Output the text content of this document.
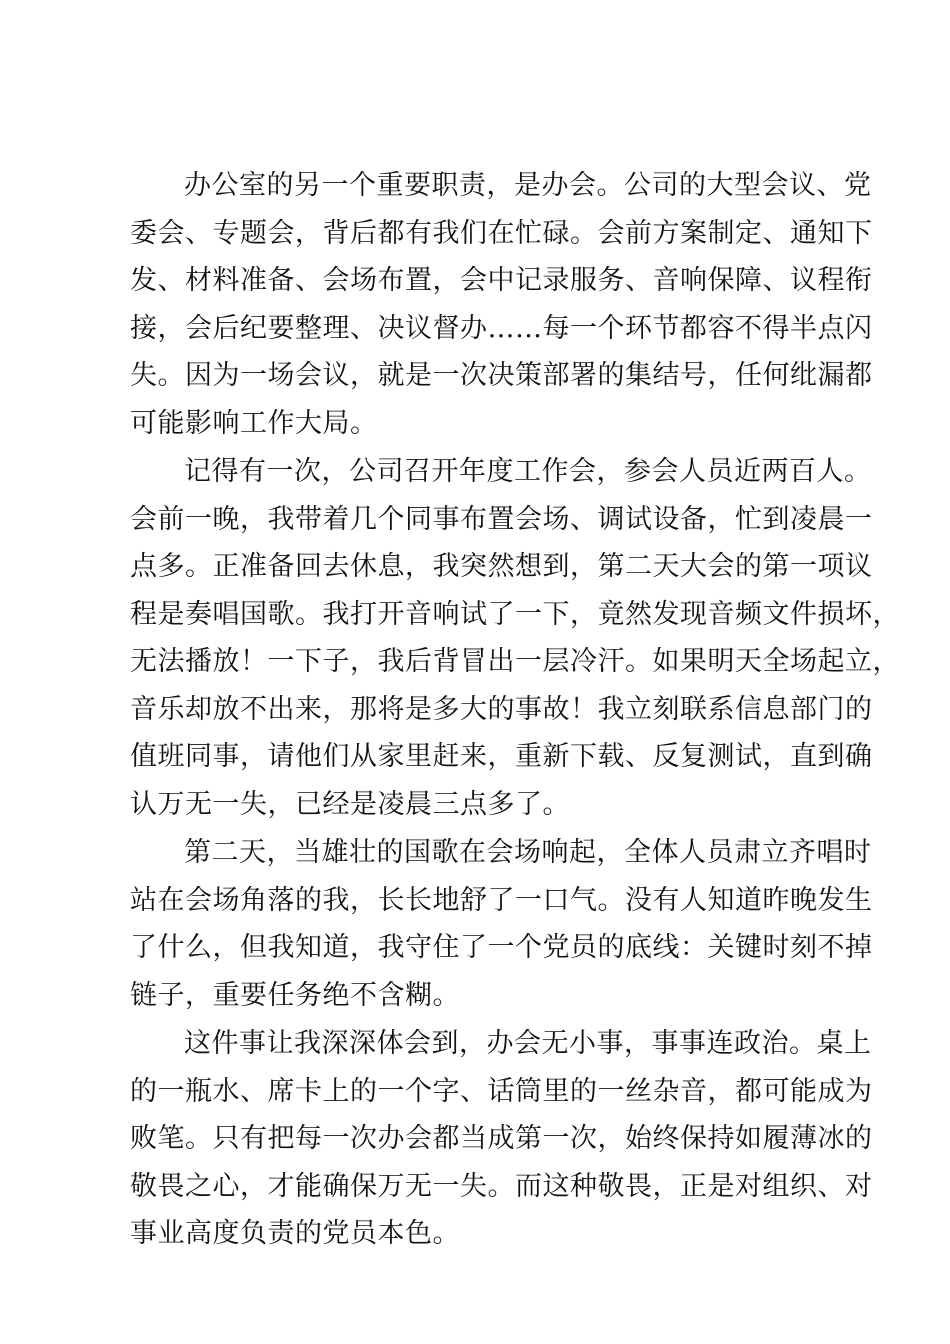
办公室的另一个重要职责，是办会。公司的大型会议、党
委会、专题会，背后都有我们在忙碌。会前方案制定、通知下
发、材料准备、会场布置，会中记录服务、音响保障、议程衔
接，会后纪要整理、决议督办……每一个环节都容不得半点闪
失。因为一场会议，就是一次决策部署的集结号，任何纰漏都
可能影响工作大局。
记得有一次，公司召开年度工作会，参会人员近两百人。
会前一晚，我带着几个同事布置会场、调试设备，忙到凌晨一
点多。正准备回去休息，我突然想到，第二天大会的第一项议
程是奏唱国歌。我打开音响试了一下，竟然发现音频文件损坏，
无法播放！一下子，我后背冒出一层冷汗。如果明天全场起立，
音乐却放不出来，那将是多大的事故！我立刻联系信息部门的
值班同事，请他们从家里赶来，重新下载、反复测试，直到确
认万无一失，已经是凌晨三点多了。
第二天，当雄壮的国歌在会场响起，全体人员肃立齐唱时
站在会场角落的我，长长地舒了一口气。没有人知道昨晚发生
了什么，但我知道，我守住了一个党员的底线：关键时刻不掉
链子，重要任务绝不含糊。
这件事让我深深体会到，办会无小事，事事连政治。桌上
的一瓶水、席卡上的一个字、话筒里的一丝杂音，都可能成为
败笔。只有把每一次办会都当成第一次，始终保持如履薄冰的
敬畏之心，才能确保万无一失。而这种敬畏，正是对组织、对
事业高度负责的党员本色。
